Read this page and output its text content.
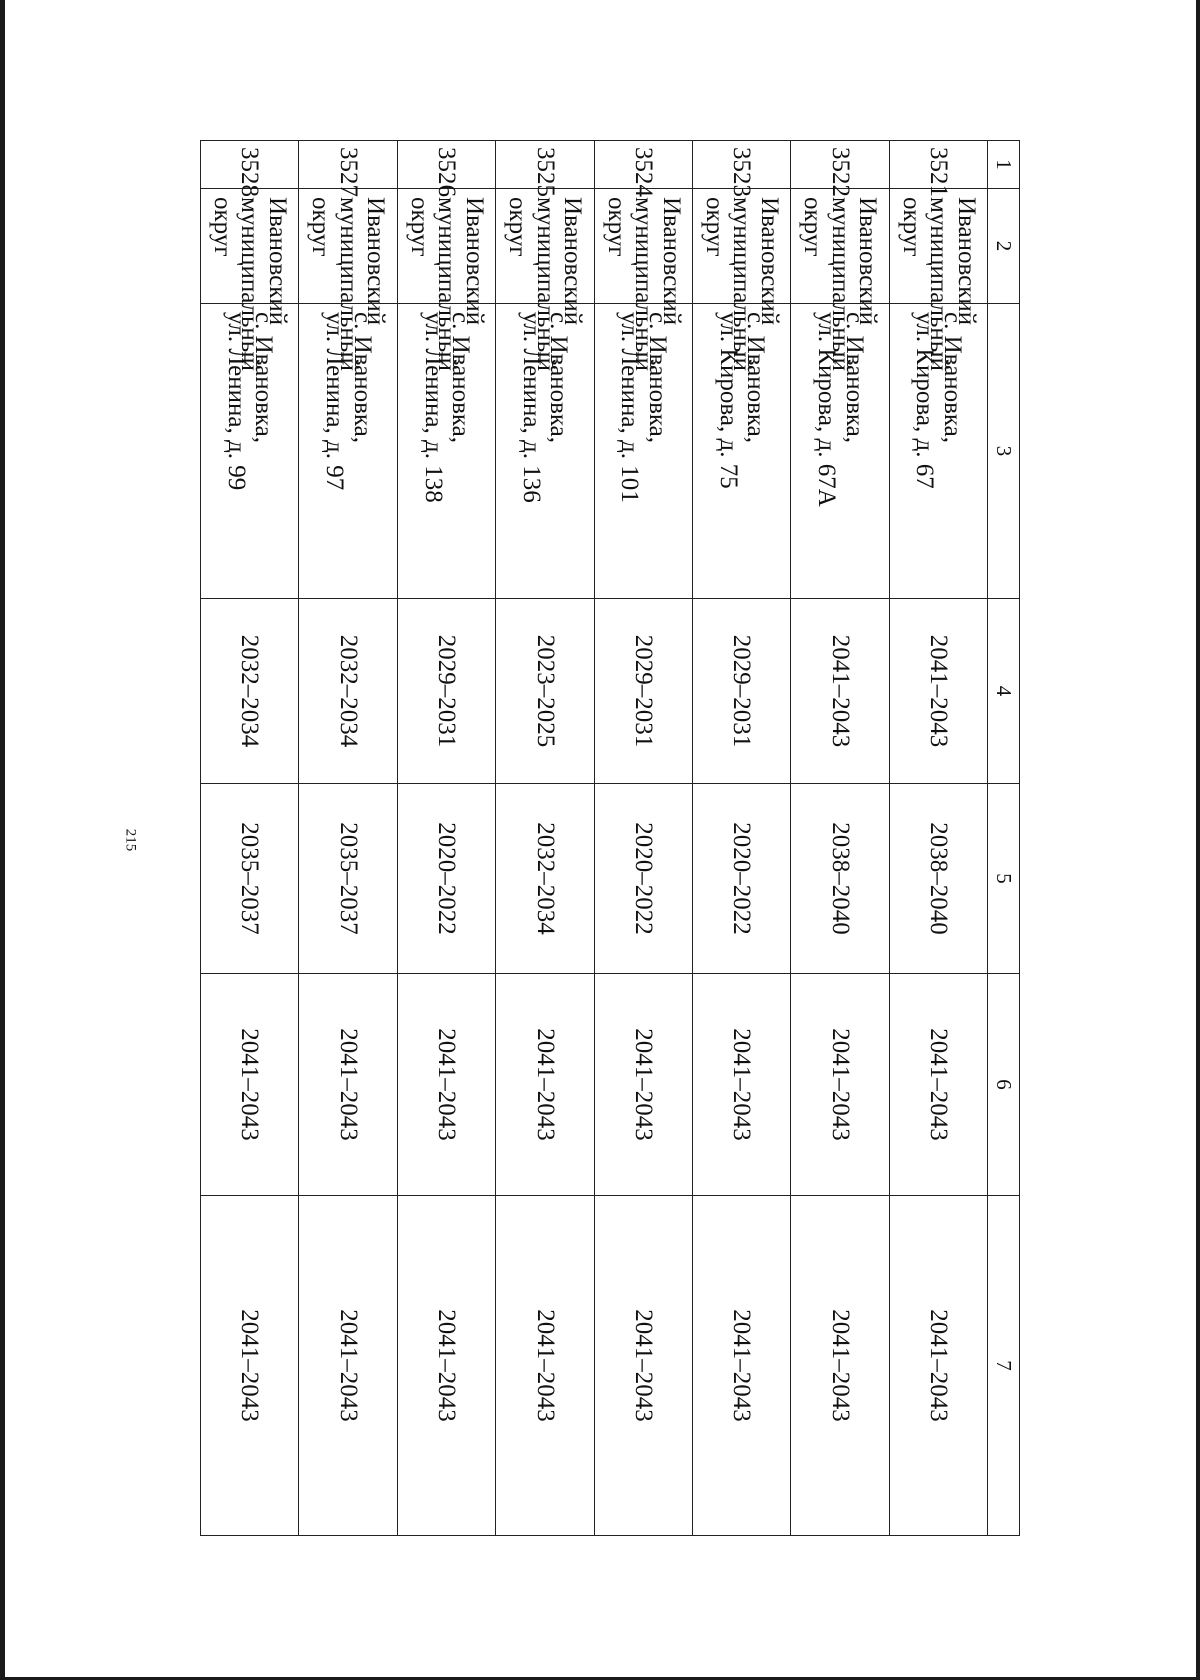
215
1	2	3	4	5	6	7
3521	Ивановский
муниципальный
округ	с. Ивановка,
ул. Кирова, д. 67	2041–2043	2038–2040	2041–2043	2041–2043
3522	Ивановский
муниципальный
округ	с. Ивановка,
ул. Кирова, д. 67А	2041–2043	2038–2040	2041–2043	2041–2043
3523	Ивановский
муниципальный
округ	с. Ивановка,
ул. Кирова, д. 75	2029–2031	2020–2022	2041–2043	2041–2043
3524	Ивановский
муниципальный
округ	с. Ивановка,
ул. Ленина, д. 101	2029–2031	2020–2022	2041–2043	2041–2043
3525	Ивановский
муниципальный
округ	с. Ивановка,
ул. Ленина, д. 136	2023–2025	2032–2034	2041–2043	2041–2043
3526	Ивановский
муниципальный
округ	с. Ивановка,
ул. Ленина, д. 138	2029–2031	2020–2022	2041–2043	2041–2043
3527	Ивановский
муниципальный
округ	с. Ивановка,
ул. Ленина, д. 97	2032–2034	2035–2037	2041–2043	2041–2043
3528	Ивановский
муниципальный
округ	с. Ивановка,
ул. Ленина, д. 99	2032–2034	2035–2037	2041–2043	2041–2043
